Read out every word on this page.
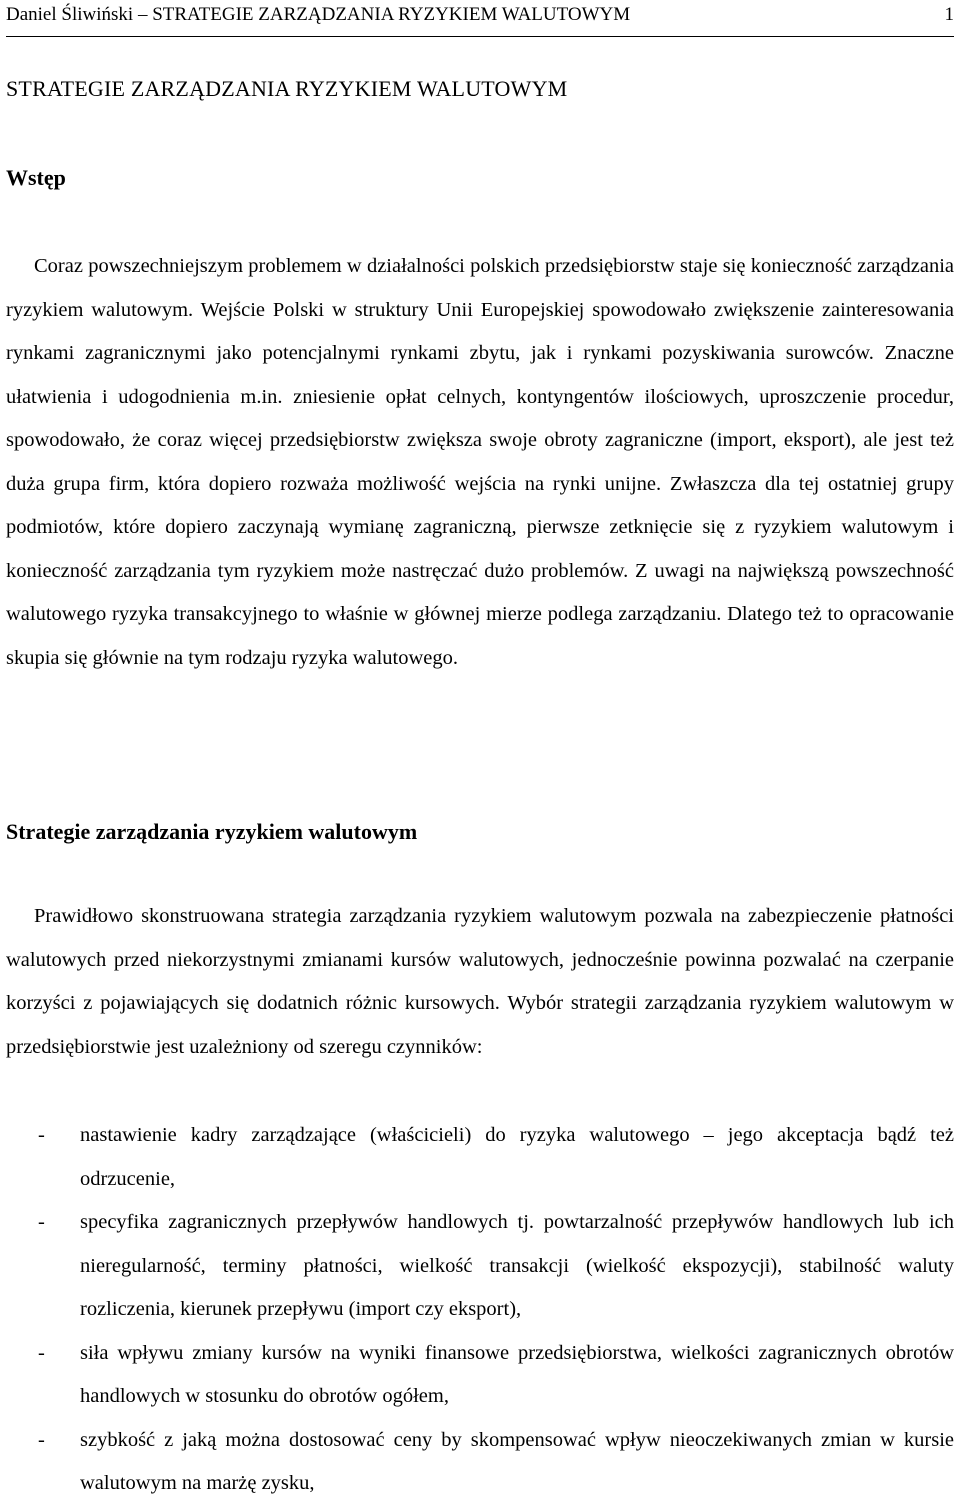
Daniel Śliwiński – STRATEGIE ZARZĄDZANIA RYZYKIEM WALUTOWYM	1
STRATEGIE ZARZĄDZANIA RYZYKIEM WALUTOWYM
Wstęp

Coraz powszechniejszym problemem w działalności polskich przedsiębiorstw staje się konieczność zarządzania ryzykiem walutowym. Wejście Polski w struktury Unii Europejskiej spowodowało zwiększenie zainteresowania rynkami zagranicznymi jako potencjalnymi rynkami zbytu, jak i rynkami pozyskiwania surowców. Znaczne ułatwienia i udogodnienia m.in. zniesienie opłat celnych, kontyngentów ilościowych, uproszczenie procedur, spowodowało, że coraz więcej przedsiębiorstw zwiększa swoje obroty zagraniczne (import, eksport), ale jest też duża grupa firm, która dopiero rozważa możliwość wejścia na rynki unijne. Zwłaszcza dla tej ostatniej grupy podmiotów, które dopiero zaczynają wymianę zagraniczną, pierwsze zetknięcie się z ryzykiem walutowym i konieczność zarządzania tym ryzykiem może nastręczać dużo problemów. Z uwagi na największą powszechność walutowego ryzyka transakcyjnego to właśnie w głównej mierze podlega zarządzaniu. Dlatego też to opracowanie skupia się głównie na tym rodzaju ryzyka walutowego.

Strategie zarządzania ryzykiem walutowym

Prawidłowo skonstruowana strategia zarządzania ryzykiem walutowym pozwala na zabezpieczenie płatności walutowych przed niekorzystnymi zmianami kursów walutowych, jednocześnie powinna pozwalać na czerpanie korzyści z pojawiających się dodatnich różnic kursowych. Wybór strategii zarządzania ryzykiem walutowym w przedsiębiorstwie jest uzależniony od szeregu czynników:

- nastawienie kadry zarządzające (właścicieli) do ryzyka walutowego – jego akceptacja bądź też odrzucenie,
- specyfika zagranicznych przepływów handlowych tj. powtarzalność przepływów handlowych lub ich nieregularność, terminy płatności, wielkość transakcji (wielkość ekspozycji), stabilność waluty rozliczenia, kierunek przepływu (import czy eksport),
- siła wpływu zmiany kursów na wyniki finansowe przedsiębiorstwa, wielkości zagranicznych obrotów handlowych w stosunku do obrotów ogółem,
- szybkość z jaką można dostosować ceny by skompensować wpływ nieoczekiwanych zmian w kursie walutowym na marżę zysku,
